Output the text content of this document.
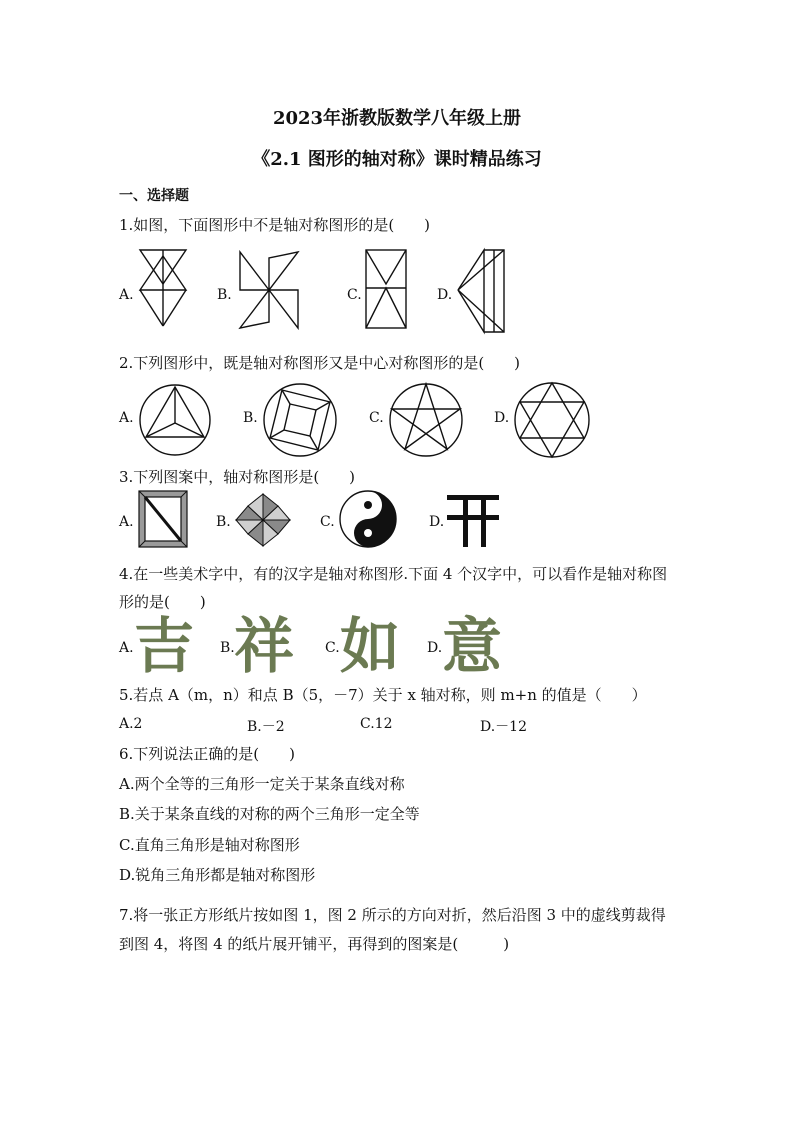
2023年浙教版数学八年级上册
《2.1 图形的轴对称》课时精品练习
一、选择题
1.如图，下面图形中不是轴对称图形的是(　　)
A.	B.	C.	D.
2.下列图形中，既是轴对称图形又是中心对称图形的是(　　)
A.	B.	C.	D.
3.下列图案中，轴对称图形是(　　)
A.	B.	C.	D.
4.在一些美术字中，有的汉字是轴对称图形.下面 4 个汉字中，可以看作是轴对称图
形的是(　　)
A. 吉 B. 祥 C. 如 D. 意
5.若点 A（m，n）和点 B（5，－7）关于 x 轴对称，则 m+n 的值是（　　）
A.2	B.－2	C.12	D.－12
6.下列说法正确的是(　　)
A.两个全等的三角形一定关于某条直线对称
B.关于某条直线的对称的两个三角形一定全等
C.直角三角形是轴对称图形
D.锐角三角形都是轴对称图形
7.将一张正方形纸片按如图 1，图 2 所示的方向对折，然后沿图 3 中的虚线剪裁得
到图 4，将图 4 的纸片展开铺平，再得到的图案是(　　　)
